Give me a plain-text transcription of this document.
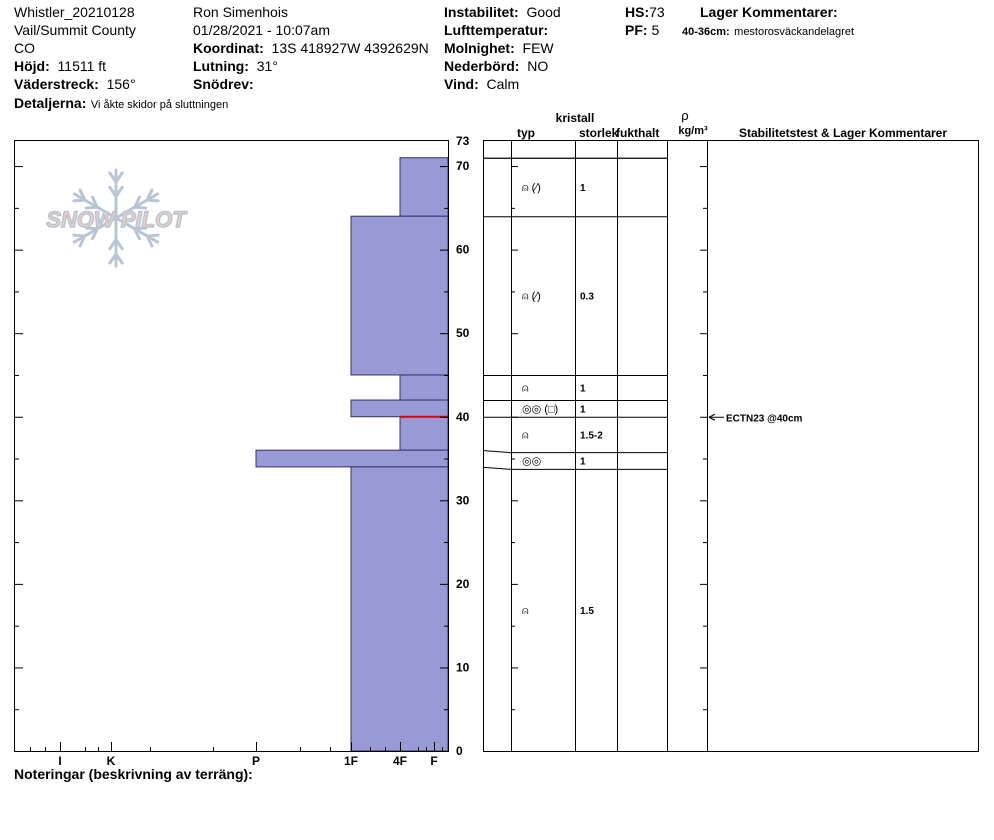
Whistler_20210128
Vail/Summit County
CO
Höjd: 11511 ft
Väderstreck: 156°
Detaljerna: Vi åkte skidor på sluttningen
Ron Simenhois
01/28/2021 - 10:07am
Koordinat: 13S 418927W 4392629N
Lutning: 31°
Snödrev:
Instabilitet: Good
Lufttemperatur:
Molnighet: FEW
Nederbörd: NO
Vind: Calm
HS:73
PF: 5
Lager Kommentarer:
40-36cm: mestorosväckandelagret
SNOW PILOT
I	K	P	1F	4F F
0
10
20
30
40
50
60
70
73
⍝ (⁄)	1
⍝ (⁄)	0.3
⍝	1
◎◎ (□) 1
⍝	1.5-2
◎◎	1
⍝	1.5
kristall
typ	storlek
fukthalt
ρ
kg/m³	Stabilitetstest & Lager Kommentarer
ECTN23 @40cm
Noteringar (beskrivning av terräng):
